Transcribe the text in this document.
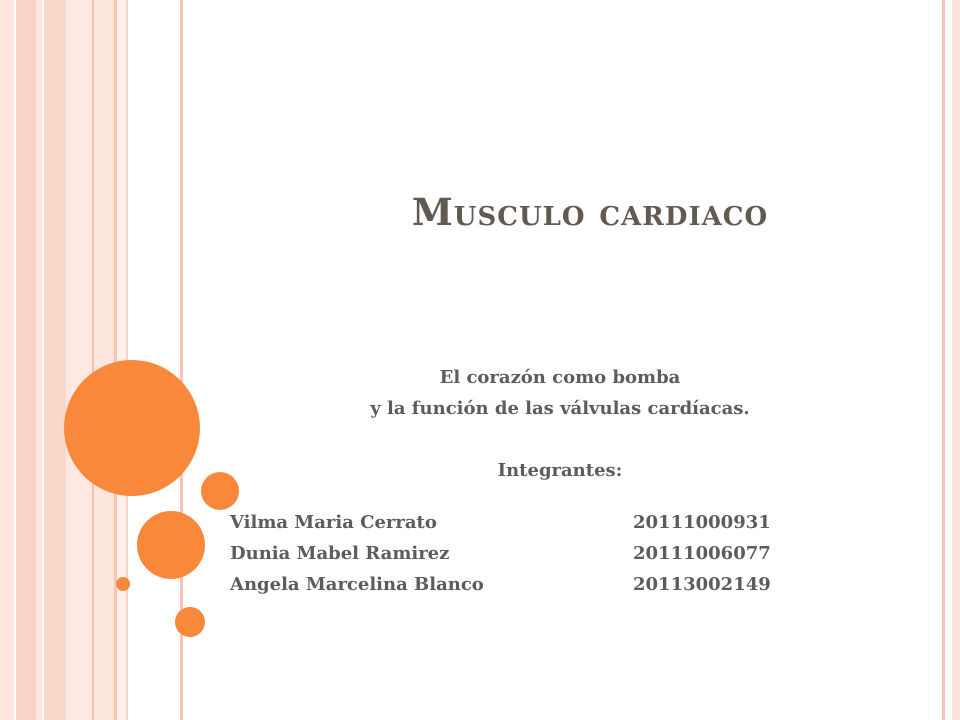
Musculo cardiaco
El corazón como bomba
y la función de las válvulas cardíacas.

Integrantes:
Vilma Maria Cerrato	20111000931
Dunia Mabel Ramirez	20111006077
Angela Marcelina Blanco	20113002149
